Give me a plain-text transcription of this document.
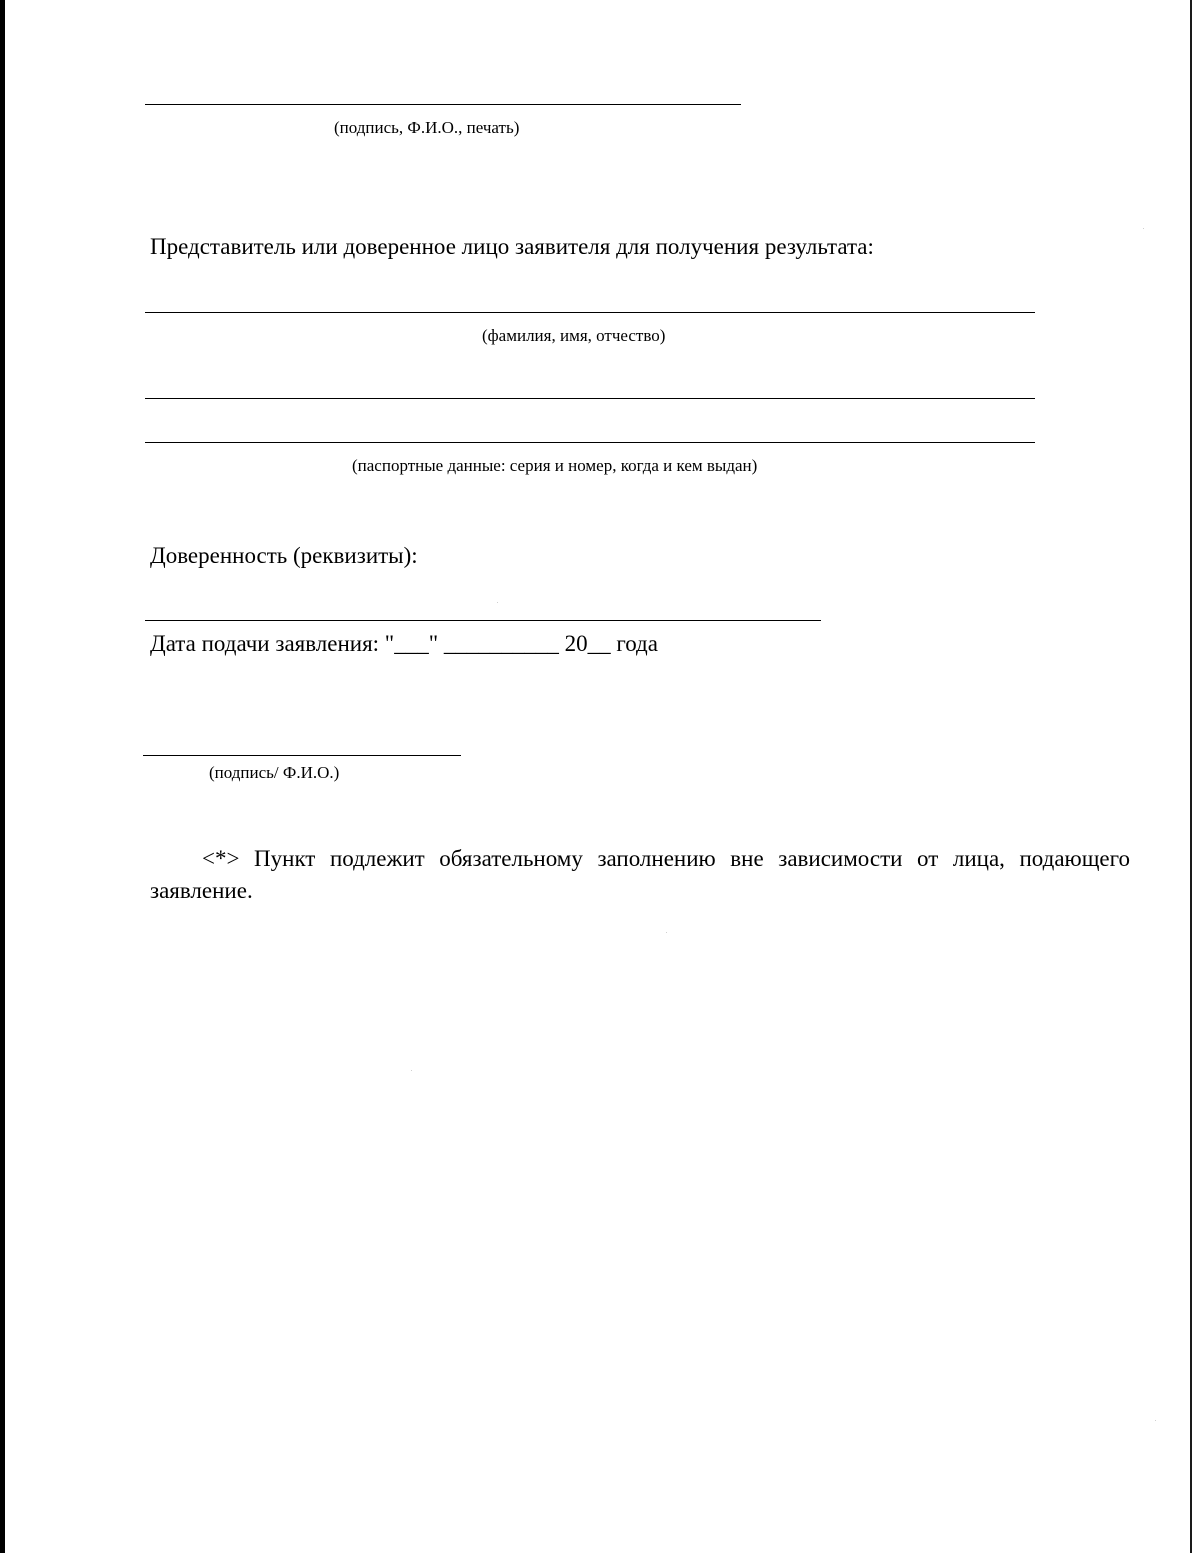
(подпись, Ф.И.О., печать)
Представитель или доверенное лицо заявителя для получения результата:
(фамилия, имя, отчество)
(паспортные данные: серия и номер, когда и кем выдан)
Доверенность (реквизиты):
Дата подачи заявления: "___" __________ 20__ года
(подпись/ Ф.И.О.)
<*> Пункт подлежит обязательному заполнению вне зависимости от лица, подающего заявление.
